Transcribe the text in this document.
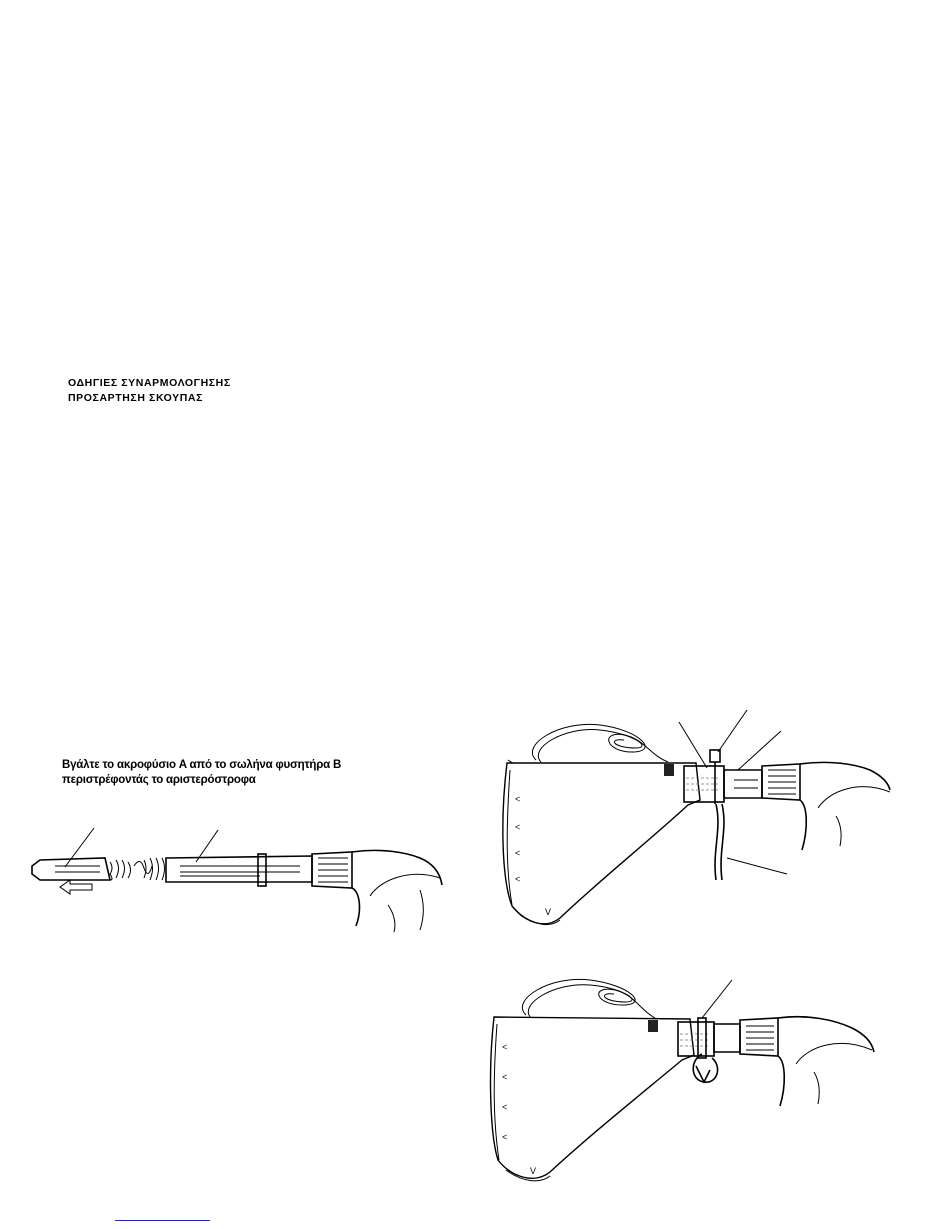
ΟΔΗΓΙΕΣ ΣΥΝΑΡΜΟΛΟΓΗΣΗΣ

ΠΡΟΣΑΡΤΗΣΗ ΣΚΟΥΠΑΣ

Βγάλτε το ακροφύσιο A από το σωλήνα φυσητήρα B

περιστρέφοντάς το αριστερόστροφα

<
<
<
<
V
<
<
<
<
V
